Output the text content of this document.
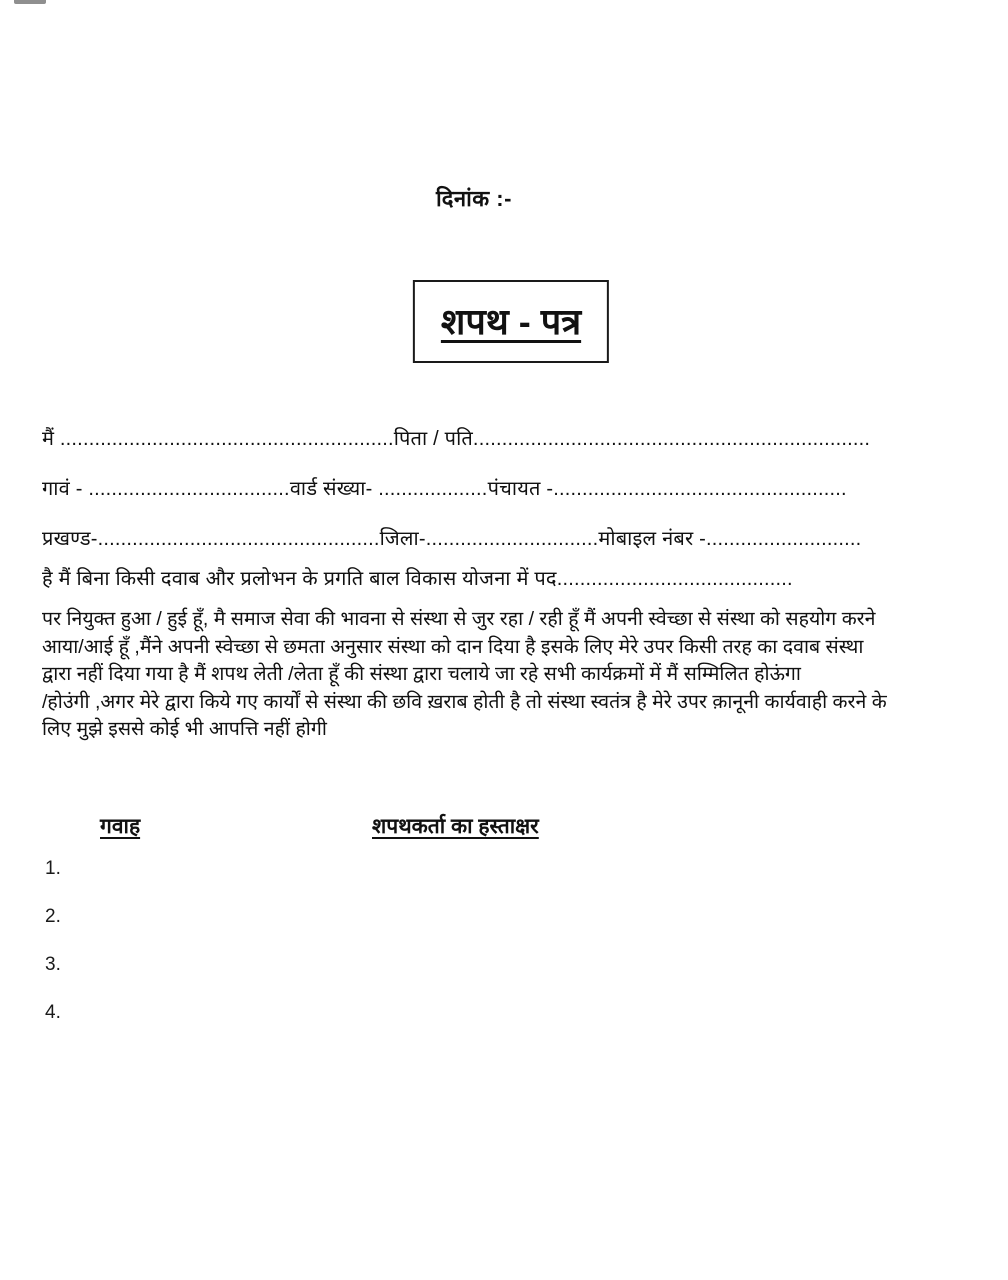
दिनांक :-
शपथ - पत्र
मैं ..........................................................पिता / पति.....................................................................
गावं - ...................................वार्ड संख्या- ...................पंचायत -...................................................
प्रखण्ड-.................................................जिला-..............................मोबाइल नंबर -...........................
है मैं बिना किसी दवाब और प्रलोभन के प्रगति बाल विकास योजना में पद.........................................
पर नियुक्त हुआ / हुई हूँ, मै समाज सेवा की भावना से संस्था से जुर रहा / रही हूँ मैं अपनी स्वेच्छा से संस्था को सहयोग करने
आया/आई हूँ ,मैंने अपनी स्वेच्छा से छमता अनुसार संस्था को दान दिया है इसके लिए मेरे उपर किसी तरह का दवाब संस्था
द्वारा नहीं दिया गया है मैं शपथ लेती /लेता हूँ की संस्था द्वारा चलाये जा रहे सभी कार्यक्रमों में मैं सम्मिलित होऊंगा
/होउंगी ,अगर मेरे द्वारा किये गए कार्यों से संस्था की छवि ख़राब होती है तो संस्था स्वतंत्र है मेरे उपर क़ानूनी कार्यवाही करने के
लिए मुझे इससे कोई भी आपत्ति नहीं होगी
गवाह	शपथकर्ता का हस्ताक्षर
1.
2.
3.
4.
